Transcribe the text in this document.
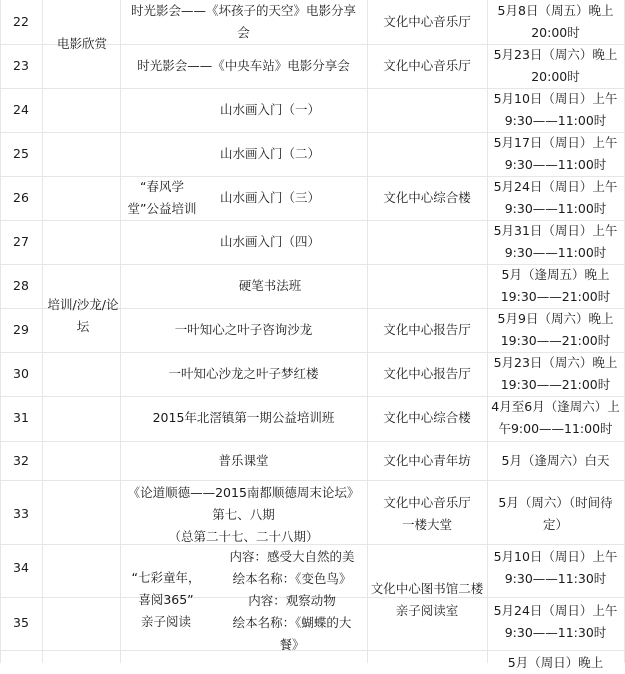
22
23
24
25
26
27
28
29
30
31
32
33
34
35
电影欣赏
培训/沙龙/论
坛
“春风学
堂”公益培训
“七彩童年，
喜阅365”
亲子阅读
时光影会——《坏孩子的天空》电影分享
会
时光影会——《中央车站》电影分享会
山水画入门（一）
山水画入门（二）
山水画入门（三）
山水画入门（四）
硬笔书法班
一叶知心之叶子咨询沙龙
一叶知心沙龙之叶子梦红楼
2015年北滘镇第一期公益培训班
普乐课堂
《论道顺德——2015南都顺德周末论坛》
第七、八期
（总第二十七、二十八期）
内容：感受大自然的美
绘本名称：《变色鸟》
内容：观察动物
绘本名称：《蝴蝶的大
餐》
文化中心音乐厅
文化中心音乐厅
文化中心综合楼
文化中心报告厅
文化中心报告厅
文化中心综合楼
文化中心青年坊
文化中心音乐厅
一楼大堂
文化中心图书馆二楼
亲子阅读室
5月8日（周五）晚上
20:00时
5月23日（周六）晚上
20:00时
5月10日（周日）上午
9:30——11:00时
5月17日（周日）上午
9:30——11:00时
5月24日（周日）上午
9:30——11:00时
5月31日（周日）上午
9:30——11:00时
5月（逢周五）晚上
19:30——21:00时
5月9日（周六）晚上
19:30——21:00时
5月23日（周六）晚上
19:30——21:00时
4月至6月（逢周六）上
午9:00——11:00时
5月（逢周六）白天
5月（周六）（时间待
定）
5月10日（周日）上午
9:30——11:30时
5月24日（周日）上午
9:30——11:30时
5月（周日）晚上
